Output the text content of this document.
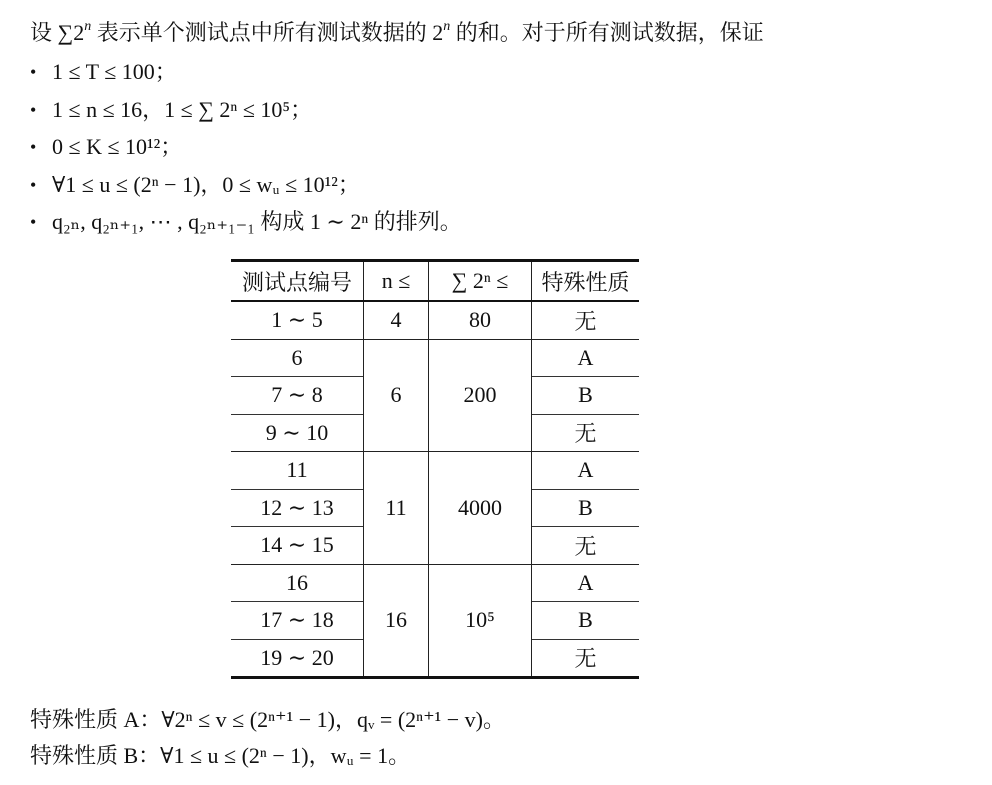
设 ∑2$^n$ 表示单个测试点中所有测试数据的 2$^n$ 的和。对于所有测试数据，保证
• 1 ≤ T ≤ 100；
• 1 ≤ n ≤ 16，1 ≤ ∑ 2ⁿ ≤ 10⁵；
• 0 ≤ K ≤ 10¹²；
• ∀1 ≤ u ≤ (2ⁿ − 1)，0 ≤ wᵤ ≤ 10¹²；
• q₂ₙ, q₂ₙ₊₁, ⋯ , q₂ₙ₊₁₋₁ 构成 1 ∼ 2ⁿ 的排列。
测试点编号	n ≤	∑ 2ⁿ ≤	特殊性质
1 ∼ 5	4	80	无
6	6	200	A
7 ∼ 8			B
9 ∼ 10			无
11	11	4000	A
12 ∼ 13			B
14 ∼ 15			无
16	16	10⁵	A
17 ∼ 18			B
19 ∼ 20			无
特殊性质 A：∀2ⁿ ≤ v ≤ (2ⁿ⁺¹ − 1)，qᵥ = (2ⁿ⁺¹ − v)。
特殊性质 B：∀1 ≤ u ≤ (2ⁿ − 1)，wᵤ = 1。
